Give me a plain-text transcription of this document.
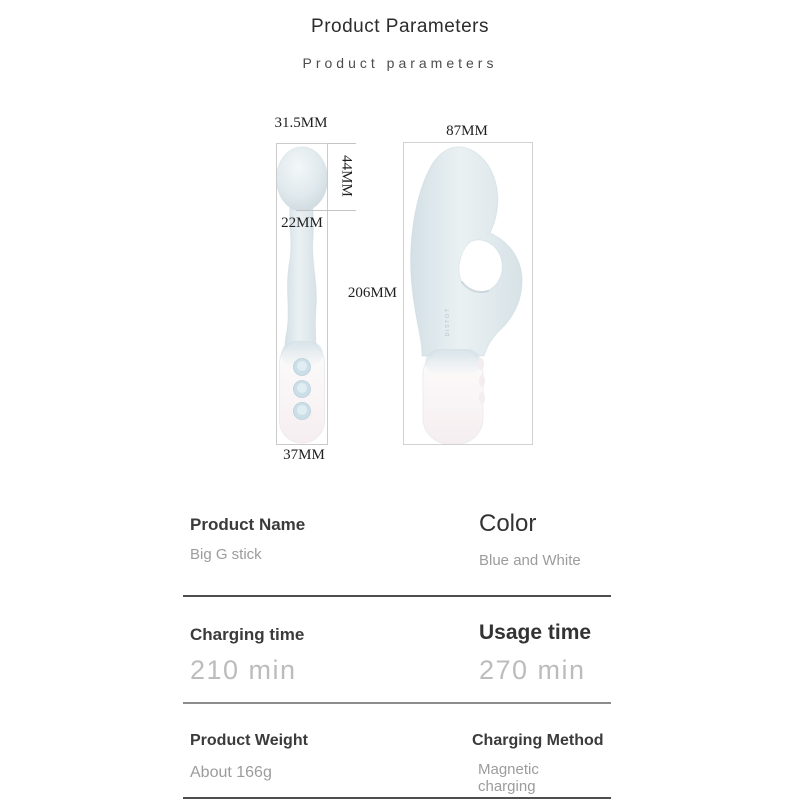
Product Parameters
Product parameters
DISTOT
31.5MM
44MM
22MM
37MM
87MM
206MM
Product Name
Big G stick
Color
Blue and White
Charging time
210 min
Usage time
270 min
Product Weight
About 166g
Charging Method
Magnetic charging
